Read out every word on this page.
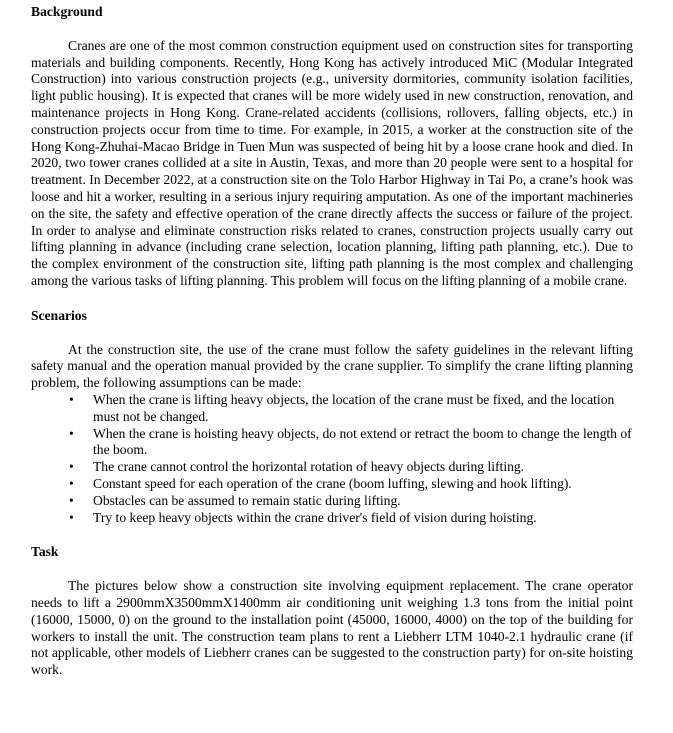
Background

Cranes are one of the most common construction equipment used on construction sites for transporting materials and building components. Recently, Hong Kong has actively introduced MiC (Modular Integrated Construction) into various construction projects (e.g., university dormitories, community isolation facilities, light public housing). It is expected that cranes will be more widely used in new construction, renovation, and maintenance projects in Hong Kong. Crane-related accidents (collisions, rollovers, falling objects, etc.) in construction projects occur from time to time. For example, in 2015, a worker at the construction site of the Hong Kong-Zhuhai-Macao Bridge in Tuen Mun was suspected of being hit by a loose crane hook and died. In 2020, two tower cranes collided at a site in Austin, Texas, and more than 20 people were sent to a hospital for treatment. In December 2022, at a construction site on the Tolo Harbor Highway in Tai Po, a crane’s hook was loose and hit a worker, resulting in a serious injury requiring amputation. As one of the important machineries on the site, the safety and effective operation of the crane directly affects the success or failure of the project. In order to analyse and eliminate construction risks related to cranes, construction projects usually carry out lifting planning in advance (including crane selection, location planning, lifting path planning, etc.). Due to the complex environment of the construction site, lifting path planning is the most complex and challenging among the various tasks of lifting planning. This problem will focus on the lifting planning of a mobile crane.

Scenarios

At the construction site, the use of the crane must follow the safety guidelines in the relevant lifting safety manual and the operation manual provided by the crane supplier. To simplify the crane lifting planning problem, the following assumptions can be made:

• When the crane is lifting heavy objects, the location of the crane must be fixed, and the location must not be changed.
• When the crane is hoisting heavy objects, do not extend or retract the boom to change the length of the boom.
• The crane cannot control the horizontal rotation of heavy objects during lifting.
• Constant speed for each operation of the crane (boom luffing, slewing and hook lifting).
• Obstacles can be assumed to remain static during lifting.
• Try to keep heavy objects within the crane driver's field of vision during hoisting.
Task

The pictures below show a construction site involving equipment replacement. The crane operator needs to lift a 2900mmX3500mmX1400mm air conditioning unit weighing 1.3 tons from the initial point (16000, 15000, 0) on the ground to the installation point (45000, 16000, 4000) on the top of the building for workers to install the unit. The construction team plans to rent a Liebherr LTM 1040-2.1 hydraulic crane (if not applicable, other models of Liebherr cranes can be suggested to the construction party) for on-site hoisting work.
